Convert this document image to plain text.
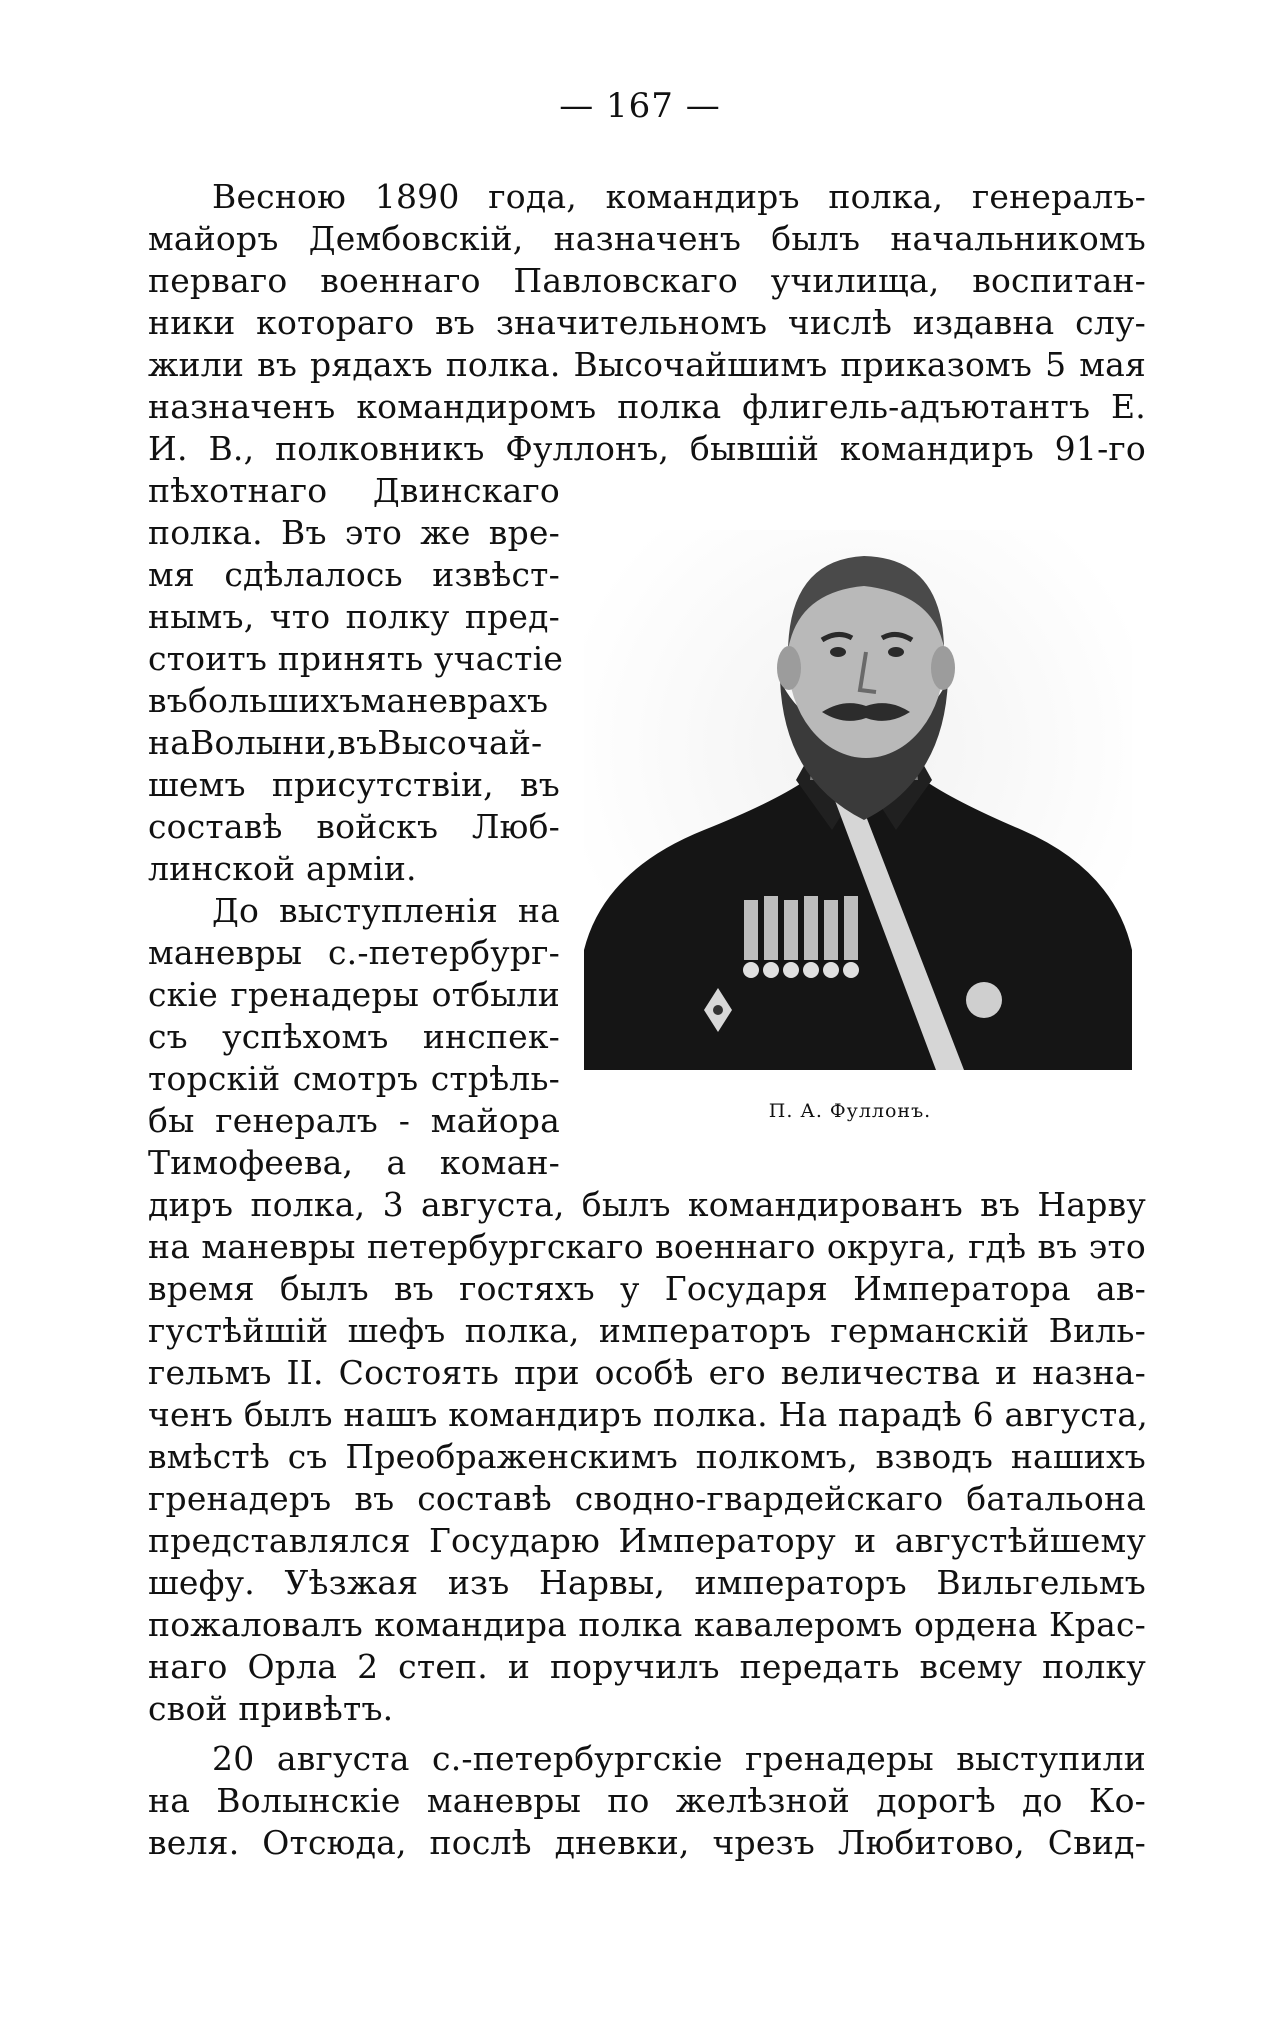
— 167 —
Весною 1890 года, командиръ полка, генералъ-
майоръ Дембовскій, назначенъ былъ начальникомъ
перваго военнаго Павловскаго училища, воспитан-
ники котораго въ значительномъ числѣ издавна слу-
жили въ рядахъ полка. Высочайшимъ приказомъ 5 мая
назначенъ командиромъ полка флигель-адъютантъ Е.
И. В., полковникъ Фуллонъ, бывшій командиръ 91-го
пѣхотнаго Двинскаго
полка. Въ это же вре-
мя сдѣлалось извѣст-
нымъ, что полку пред-
стоитъ принять участіе
въбольшихъманеврахъ
наВолыни,въВысочай-
шемъ присутствіи, въ
составѣ войскъ Люб-
линской арміи.
До выступленія на
маневры с.-петербург-
скіе гренадеры отбыли
съ успѣхомъ инспек-
торскій смотръ стрѣль-
бы генералъ - майора
Тимофеева, а коман-
диръ полка, 3 августа, былъ командированъ въ Нарву
на маневры петербургскаго военнаго округа, гдѣ въ это
время былъ въ гостяхъ у Государя Императора ав-
густѣйшій шефъ полка, императоръ германскій Виль-
гельмъ II. Состоять при особѣ его величества и назна-
ченъ былъ нашъ командиръ полка. На парадѣ 6 августа,
вмѣстѣ съ Преображенскимъ полкомъ, взводъ нашихъ
гренадеръ въ составѣ сводно-гвардейскаго батальона
представлялся Государю Императору и августѣйшему
шефу. Уѣзжая изъ Нарвы, императоръ Вильгельмъ
пожаловалъ командира полка кавалеромъ ордена Крас-
наго Орла 2 степ. и поручилъ передать всему полку
свой привѣтъ.
20 августа с.-петербургскіе гренадеры выступили
на Волынскіе маневры по желѣзной дорогѣ до Ко-
веля. Отсюда, послѣ дневки, чрезъ Любитово, Свид-
П. А. Фуллонъ.
